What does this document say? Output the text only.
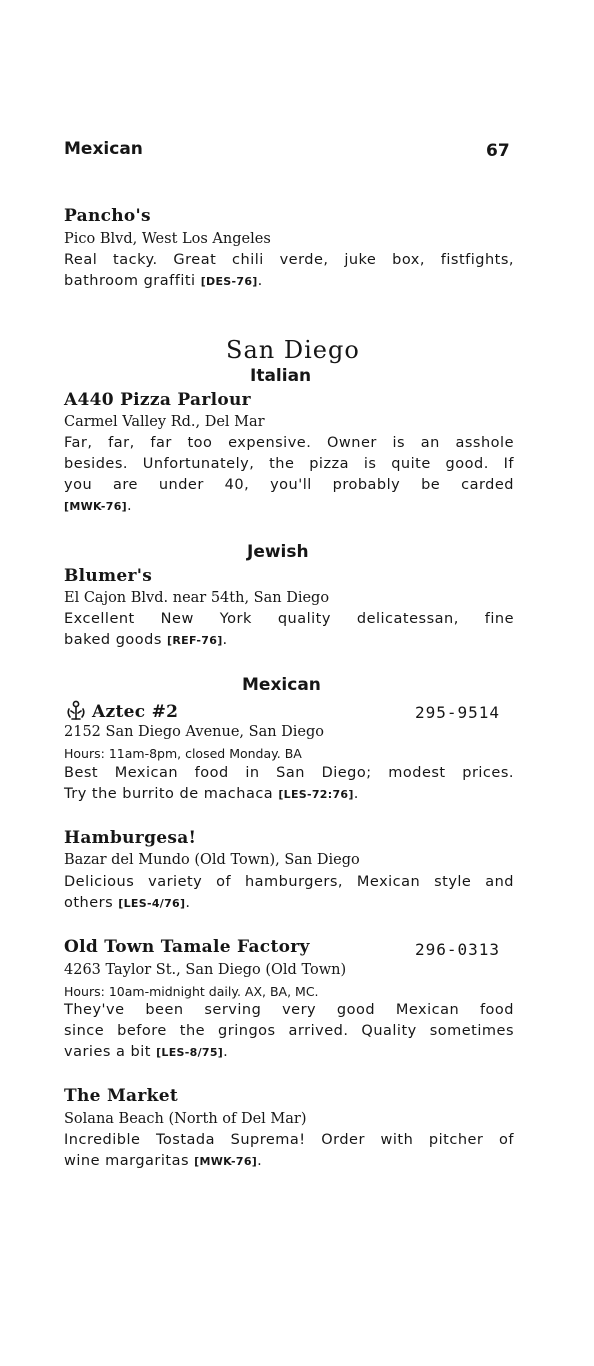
Mexican	67
Pancho's
Pico Blvd, West Los Angeles
Real tacky. Great chili verde, juke box, fistfights,
bathroom graffiti [DES-76].
San Diego
Italian
A440 Pizza Parlour
Carmel Valley Rd., Del Mar
Far, far, far too expensive. Owner is an asshole
besides. Unfortunately, the pizza is quite good. If
you are under 40, you'll probably be carded
[MWK-76].
Jewish
Blumer's
El Cajon Blvd. near 54th, San Diego
Excellent New York quality delicatessan, fine
baked goods [REF-76].
Mexican
Aztec #2	295-9514
2152 San Diego Avenue, San Diego
Hours: 11am-8pm, closed Monday. BA
Best Mexican food in San Diego; modest prices.
Try the burrito de machaca [LES-72:76].
Hamburgesa!
Bazar del Mundo (Old Town), San Diego
Delicious variety of hamburgers, Mexican style and
others [LES-4/76].
Old Town Tamale Factory	296-0313
4263 Taylor St., San Diego (Old Town)
Hours: 10am-midnight daily. AX, BA, MC.
They've been serving very good Mexican food
since before the gringos arrived. Quality sometimes
varies a bit [LES-8/75].
The Market
Solana Beach (North of Del Mar)
Incredible Tostada Suprema! Order with pitcher of
wine margaritas [MWK-76].
